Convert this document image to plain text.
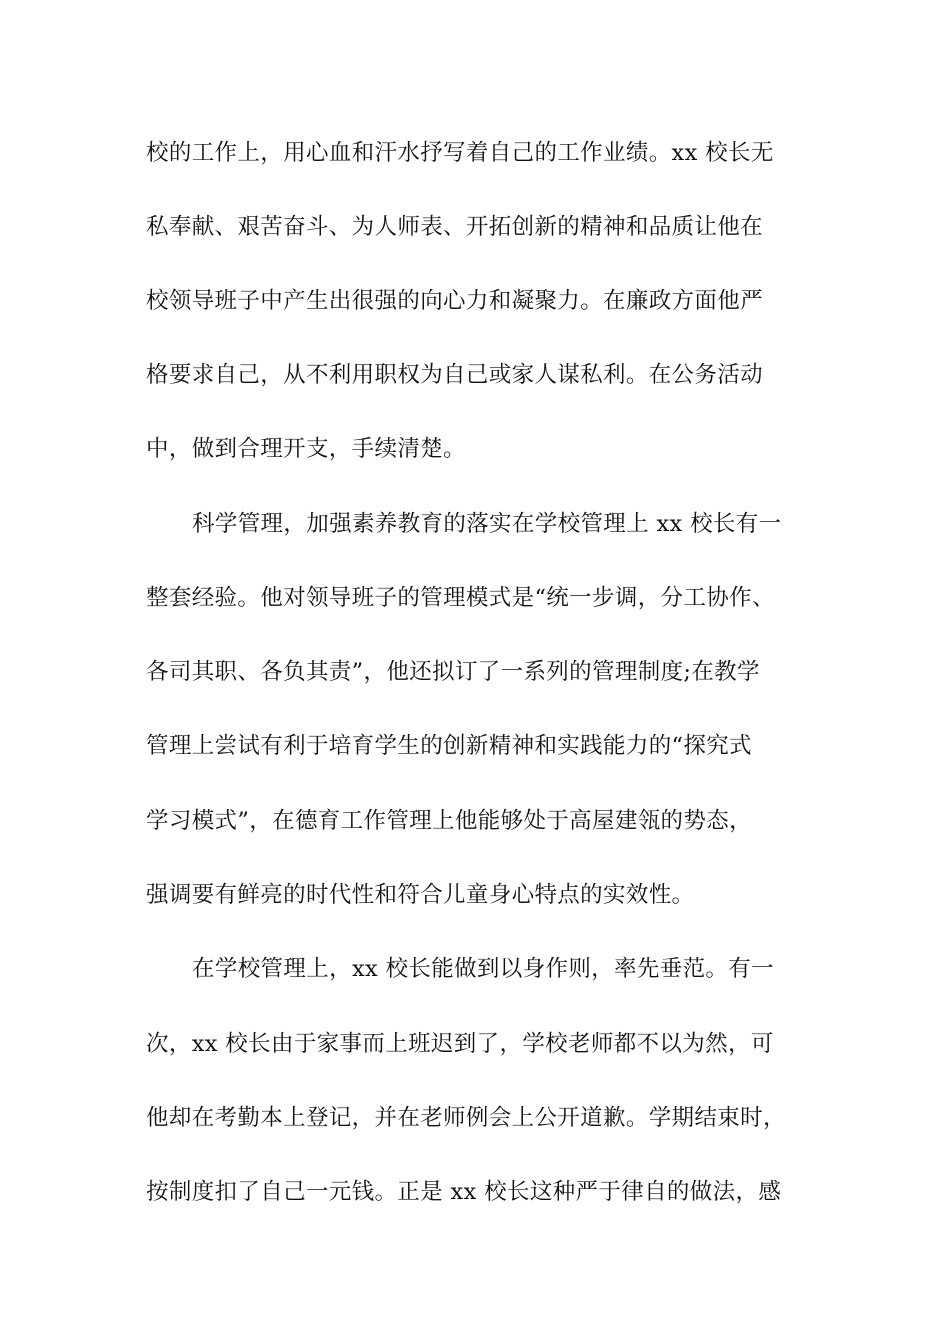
校的工作上，用心血和汗水抒写着自己的工作业绩。xx 校长无
私奉献、艰苦奋斗、为人师表、开拓创新的精神和品质让他在
校领导班子中产生出很强的向心力和凝聚力。在廉政方面他严
格要求自己，从不利用职权为自己或家人谋私利。在公务活动
中，做到合理开支，手续清楚。
科学管理，加强素养教育的落实在学校管理上 xx 校长有一
整套经验。他对领导班子的管理模式是“统一步调，分工协作、
各司其职、各负其责”，他还拟订了一系列的管理制度;在教学
管理上尝试有利于培育学生的创新精神和实践能力的“探究式
学习模式”，在德育工作管理上他能够处于高屋建瓴的势态，
强调要有鲜亮的时代性和符合儿童身心特点的实效性。
在学校管理上，xx 校长能做到以身作则，率先垂范。有一
次，xx 校长由于家事而上班迟到了，学校老师都不以为然，可
他却在考勤本上登记，并在老师例会上公开道歉。学期结束时，
按制度扣了自己一元钱。正是 xx 校长这种严于律自的做法，感
